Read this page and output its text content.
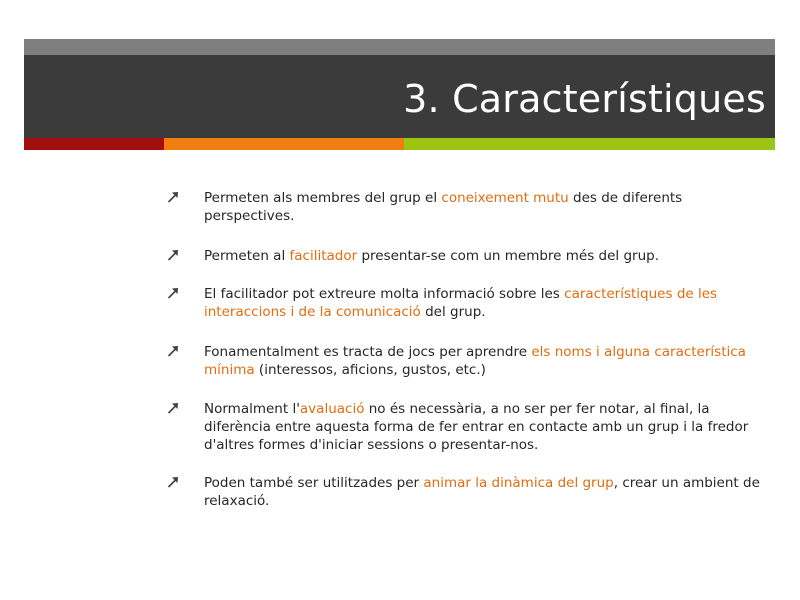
3. Característiques
Permeten als membres del grup el coneixement mutu des de diferents perspectives.
Permeten al facilitador presentar-se com un membre més del grup.
El facilitador pot extreure molta informació sobre les característiques de les interaccions i de la comunicació del grup.
Fonamentalment es tracta de jocs per aprendre els noms i alguna característica mínima (interessos, aficions, gustos, etc.)
Normalment l'avaluació no és necessària, a no ser per fer notar, al final, la diferència entre aquesta forma de fer entrar en contacte amb un grup i la fredor d'altres formes d'iniciar sessions o presentar-nos.
Poden també ser utilitzades per animar la dinàmica del grup, crear un ambient de relaxació.
